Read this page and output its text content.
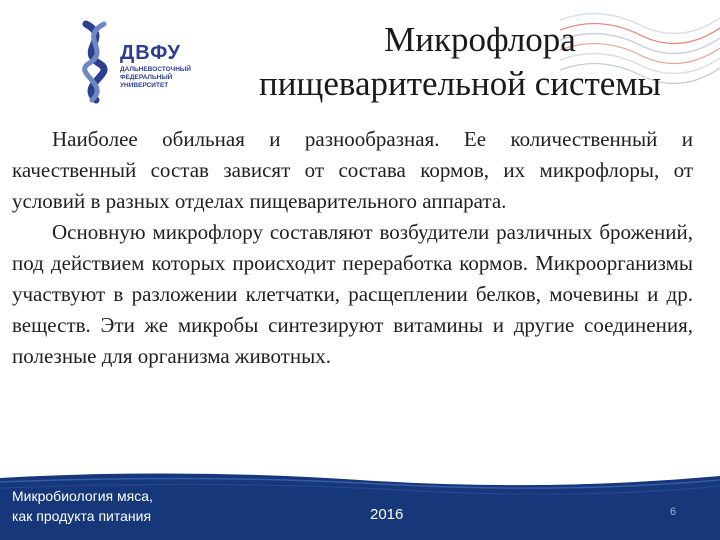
ДВФУ
ДАЛЬНЕВОСТОЧНЫЙ
ФЕДЕРАЛЬНЫЙ
УНИВЕРСИТЕТ
Микрофлора
пищеварительной системы

Наиболее обильная и разнообразная. Ее количественный и качественный состав зависят от состава кормов, их микрофлоры, от условий в разных отделах пищеварительного аппарата.

Основную микрофлору составляют возбудители различных брожений, под действием которых происходит переработка кормов. Микроорганизмы участвуют в разложении клетчатки, расщеплении белков, мочевины и др. веществ. Эти же микробы синтезируют витамины и другие соединения, полезные для организма животных.

Микробиология мяса,
как продукта питания	2016	6
